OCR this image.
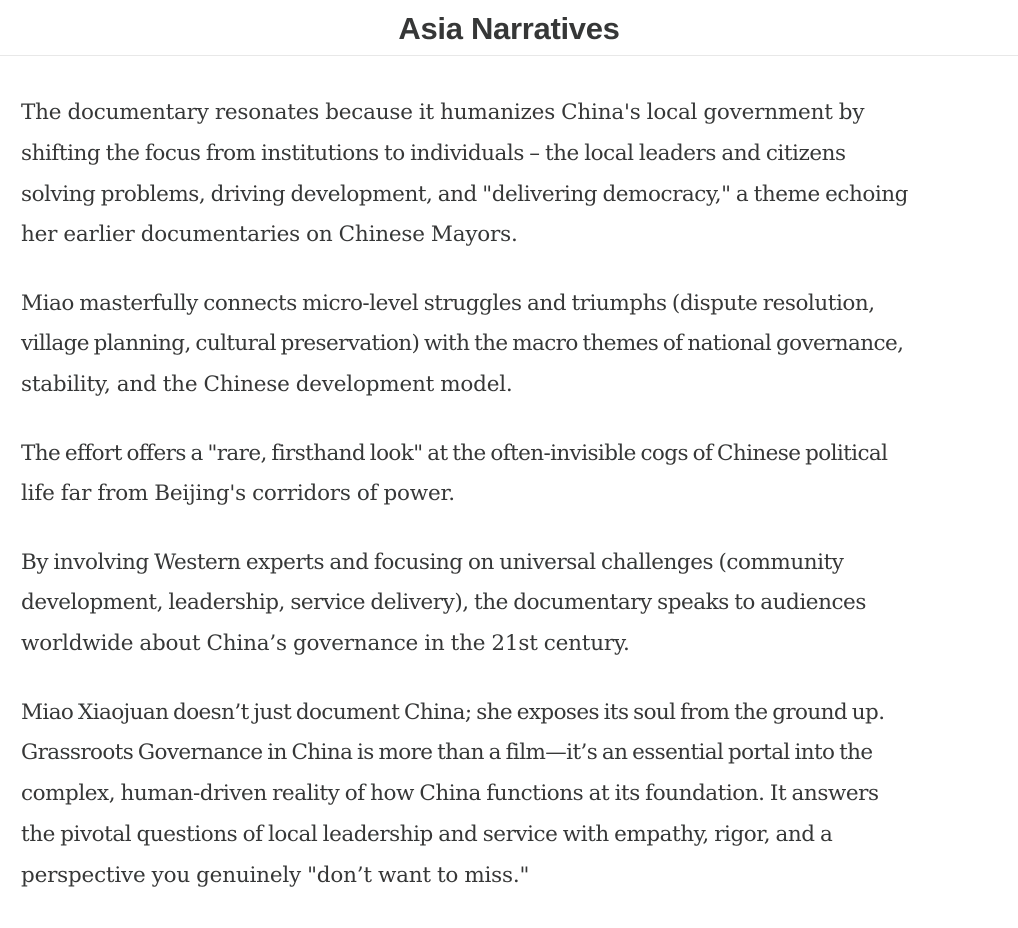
Asia Narratives

The documentary resonates because it humanizes China's local government by
shifting the focus from institutions to individuals – the local leaders and citizens
solving problems, driving development, and "delivering democracy," a theme echoing
her earlier documentaries on Chinese Mayors.

Miao masterfully connects micro-level struggles and triumphs (dispute resolution,
village planning, cultural preservation) with the macro themes of national governance,
stability, and the Chinese development model.

The effort offers a "rare, firsthand look" at the often-invisible cogs of Chinese political
life far from Beijing's corridors of power.

By involving Western experts and focusing on universal challenges (community
development, leadership, service delivery), the documentary speaks to audiences
worldwide about China’s governance in the 21st century.

Miao Xiaojuan doesn’t just document China; she exposes its soul from the ground up.
Grassroots Governance in China is more than a film—it’s an essential portal into the
complex, human-driven reality of how China functions at its foundation. It answers
the pivotal questions of local leadership and service with empathy, rigor, and a
perspective you genuinely "don’t want to miss."
